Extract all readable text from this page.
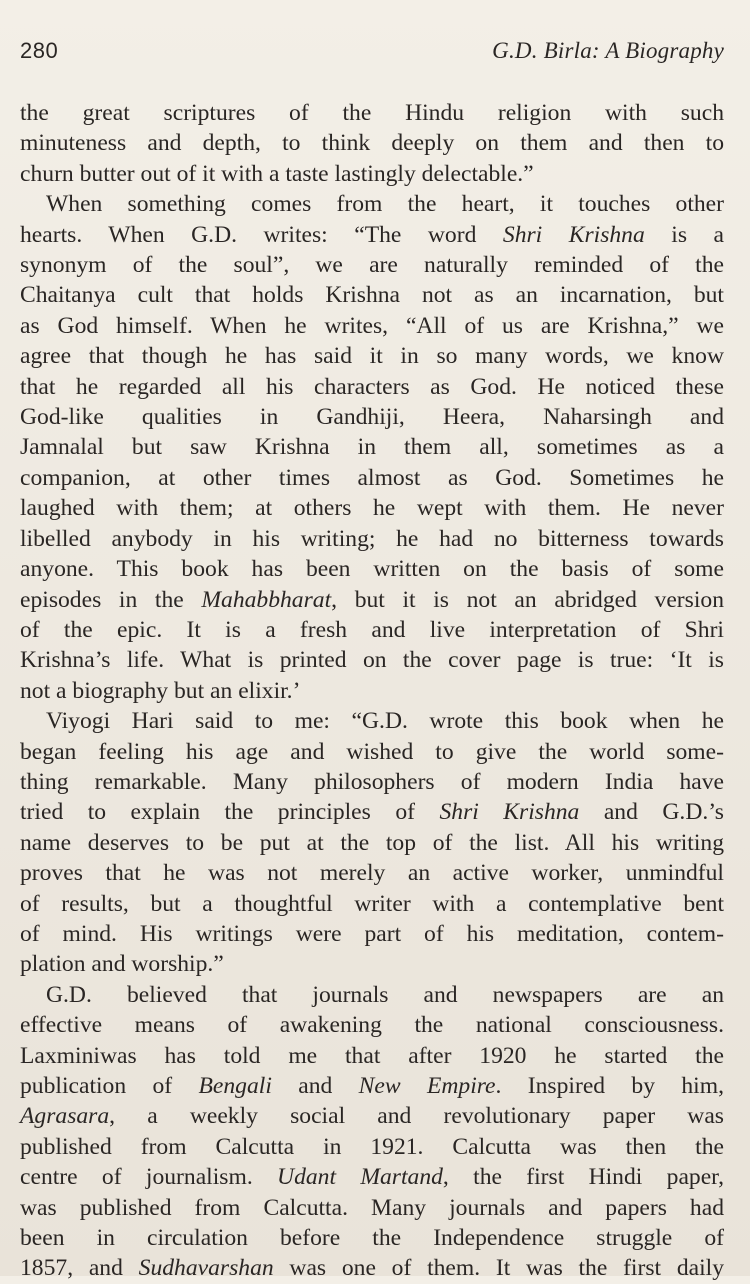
280	G.D. Birla: A Biography
the great scriptures of the Hindu religion with such
minuteness and depth, to think deeply on them and then to
churn butter out of it with a taste lastingly delectable.”
When something comes from the heart, it touches other
hearts. When G.D. writes: “The word Shri Krishna is a
synonym of the soul”, we are naturally reminded of the
Chaitanya cult that holds Krishna not as an incarnation, but
as God himself. When he writes, “All of us are Krishna,” we
agree that though he has said it in so many words, we know
that he regarded all his characters as God. He noticed these
God-like qualities in Gandhiji, Heera, Naharsingh and
Jamnalal but saw Krishna in them all, sometimes as a
companion, at other times almost as God. Sometimes he
laughed with them; at others he wept with them. He never
libelled anybody in his writing; he had no bitterness towards
anyone. This book has been written on the basis of some
episodes in the Mahabbharat, but it is not an abridged version
of the epic. It is a fresh and live interpretation of Shri
Krishna’s life. What is printed on the cover page is true: ‘It is
not a biography but an elixir.’
Viyogi Hari said to me: “G.D. wrote this book when he
began feeling his age and wished to give the world some-
thing remarkable. Many philosophers of modern India have
tried to explain the principles of Shri Krishna and G.D.’s
name deserves to be put at the top of the list. All his writing
proves that he was not merely an active worker, unmindful
of results, but a thoughtful writer with a contemplative bent
of mind. His writings were part of his meditation, contem-
plation and worship.”
G.D. believed that journals and newspapers are an
effective means of awakening the national consciousness.
Laxminiwas has told me that after 1920 he started the
publication of Bengali and New Empire. Inspired by him,
Agrasara, a weekly social and revolutionary paper was
published from Calcutta in 1921. Calcutta was then the
centre of journalism. Udant Martand, the first Hindi paper,
was published from Calcutta. Many journals and papers had
been in circulation before the Independence struggle of
1857, and Sudhavarshan was one of them. It was the first daily
